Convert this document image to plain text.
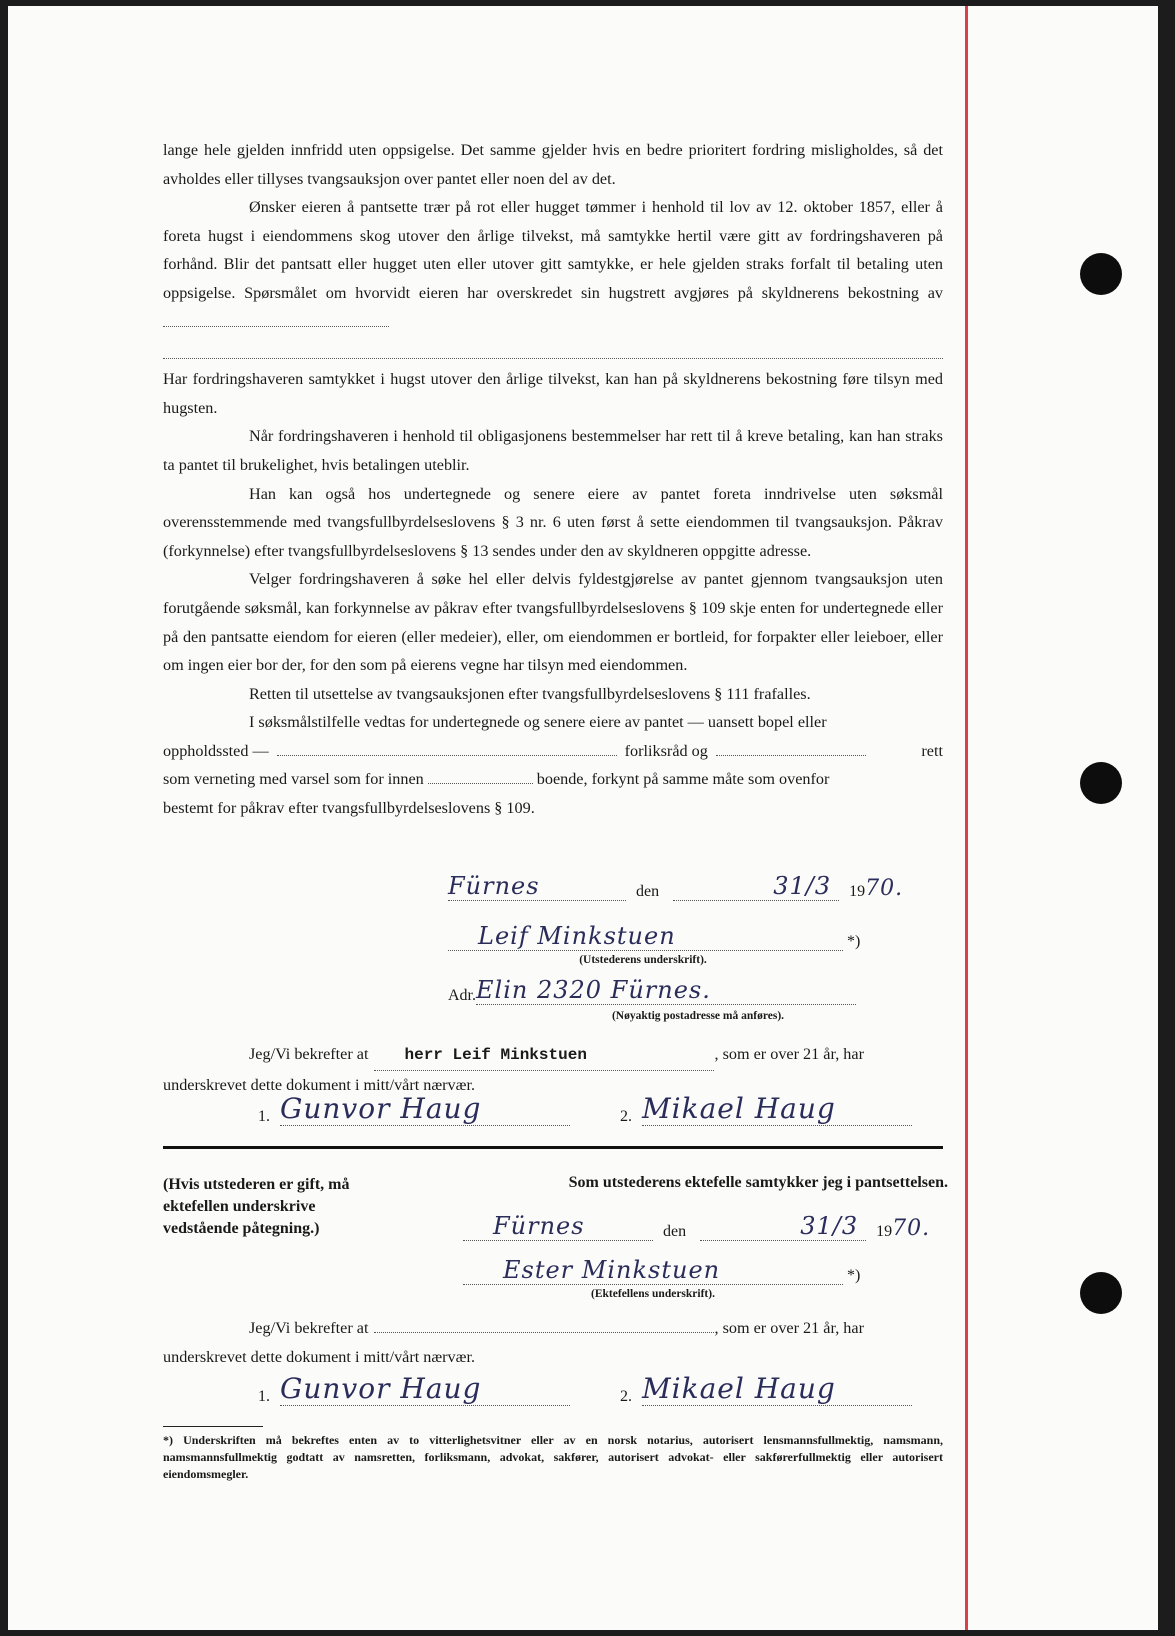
lange hele gjelden innfridd uten oppsigelse. Det samme gjelder hvis en bedre prioritert fordring misligholdes, så det avholdes eller tillyses tvangsauksjon over pantet eller noen del av det.

Ønsker eieren å pantsette trær på rot eller hugget tømmer i henhold til lov av 12. oktober 1857, eller å foreta hugst i eiendommens skog utover den årlige tilvekst, må samtykke hertil være gitt av fordringshaveren på forhånd. Blir det pantsatt eller hugget uten eller utover gitt samtykke, er hele gjelden straks forfalt til betaling uten oppsigelse. Spørsmålet om hvorvidt eieren har overskredet sin hugstrett avgjøres på skyldnerens bekostning av

Har fordringshaveren samtykket i hugst utover den årlige tilvekst, kan han på skyldnerens bekostning føre tilsyn med hugsten.

Når fordringshaveren i henhold til obligasjonens bestemmelser har rett til å kreve betaling, kan han straks ta pantet til brukelighet, hvis betalingen uteblir.

Han kan også hos undertegnede og senere eiere av pantet foreta inndrivelse uten søksmål overensstemmende med tvangsfullbyrdelseslovens § 3 nr. 6 uten først å sette eiendommen til tvangsauksjon. Påkrav (forkynnelse) efter tvangsfullbyrdelseslovens § 13 sendes under den av skyldneren oppgitte adresse.

Velger fordringshaveren å søke hel eller delvis fyldestgjørelse av pantet gjennom tvangsauksjon uten forutgående søksmål, kan forkynnelse av påkrav efter tvangsfullbyrdelseslovens § 109 skje enten for undertegnede eller på den pantsatte eiendom for eieren (eller medeier), eller, om eiendommen er bortleid, for forpakter eller leieboer, eller om ingen eier bor der, for den som på eierens vegne har tilsyn med eiendommen.

Retten til utsettelse av tvangsauksjonen efter tvangsfullbyrdelseslovens § 111 frafalles.

I søksmålstilfelle vedtas for undertegnede og senere eiere av pantet — uansett bopel eller

oppholdssted —	forliksråd og	rett
som verneting med varsel som for innen	boende, forkynt på samme måte som ovenfor
bestemt for påkrav efter tvangsfullbyrdelseslovens § 109.
Fürnes	den	31/3	19 70.
Leif Minkstuen	*)
(Utstederens underskrift).
Adr. Elin 2320 Fürnes.
(Nøyaktig postadresse må anføres).
Jeg/Vi bekrefter at	herr Leif Minkstuen	, som er over 21 år, har
underskrevet dette dokument i mitt/vårt nærvær.
1. Gunvor Haug	2. Mikael Haug
(Hvis utstederen er gift, må ektefellen underskrive vedstående påtegning.)
Som utstederens ektefelle samtykker jeg i pantsettelsen.
Fürnes	den	31/3	19 70.
Ester Minkstuen	*)
(Ektefellens underskrift).
Jeg/Vi bekrefter at	, som er over 21 år, har
underskrevet dette dokument i mitt/vårt nærvær.
1. Gunvor Haug	2. Mikael Haug
*) Underskriften må bekreftes enten av to vitterlighetsvitner eller av en norsk notarius, autorisert lensmannsfullmektig, namsmann, namsmannsfullmektig godtatt av namsretten, forliksmann, advokat, sakfører, autorisert advokat- eller sakførerfullmektig eller autorisert eiendomsmegler.
